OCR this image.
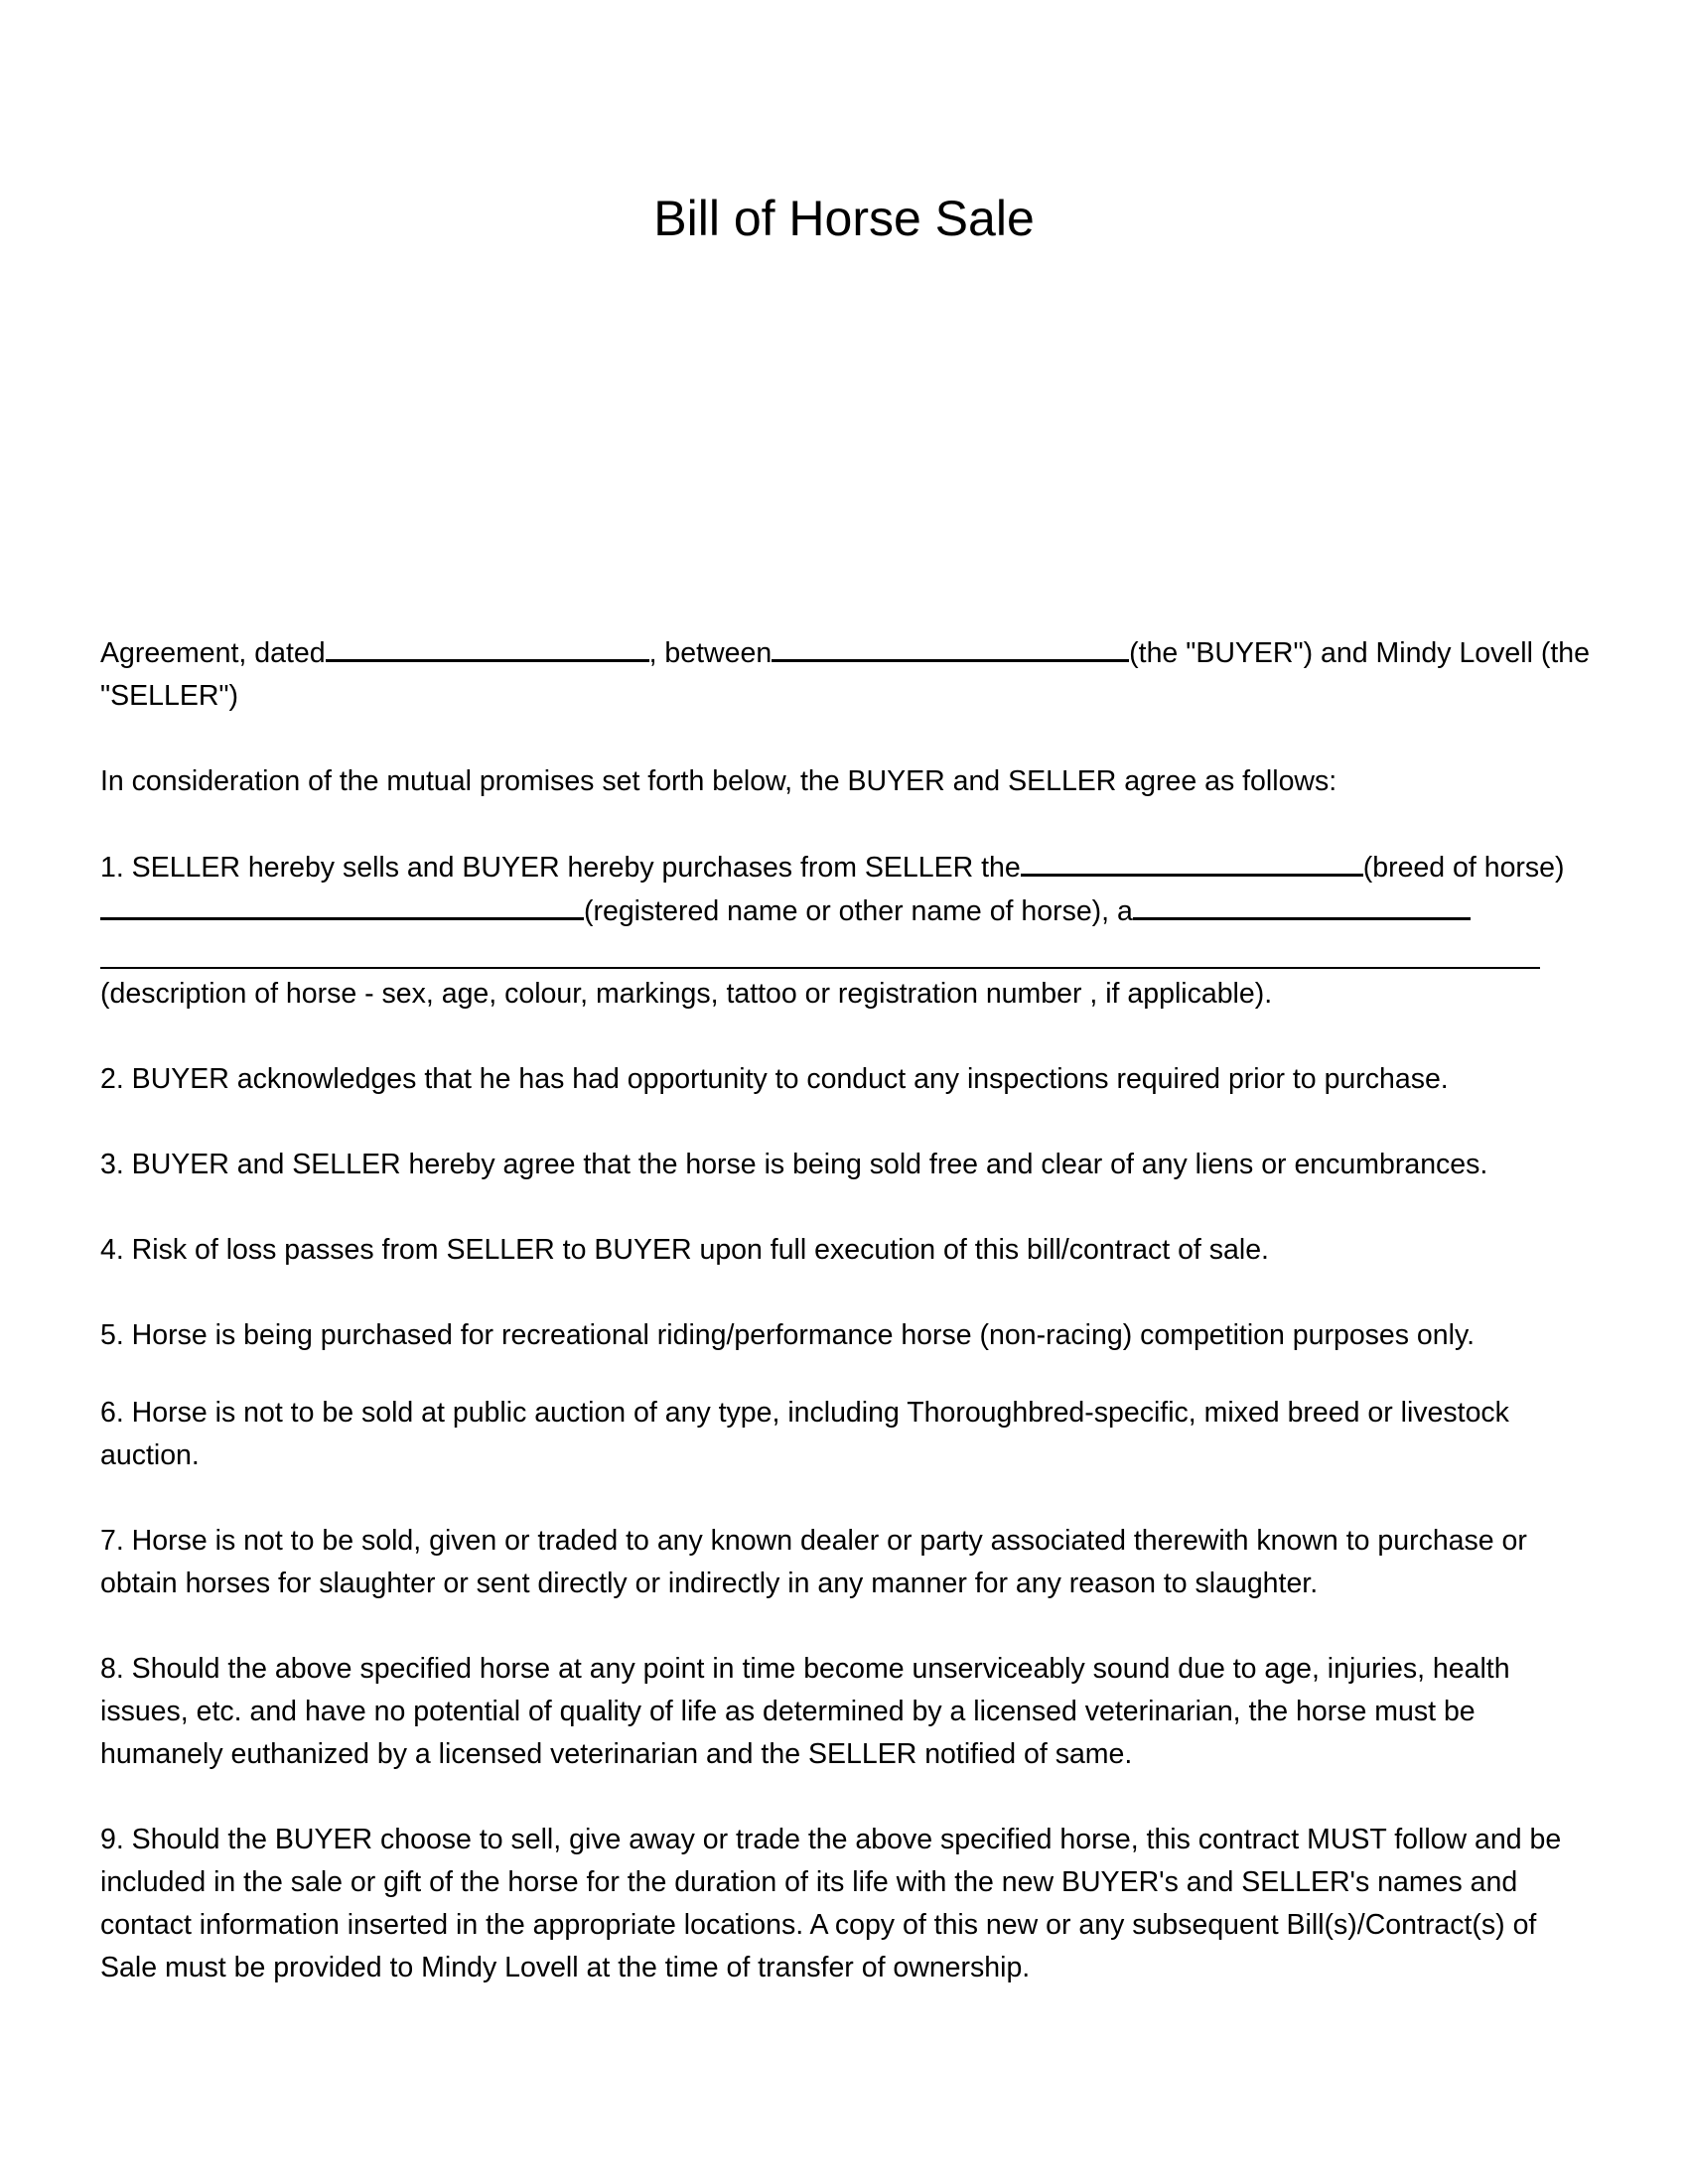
Bill of Horse Sale

Agreement, dated	, between	(the "BUYER") and Mindy Lovell (the "SELLER")

In consideration of the mutual promises set forth below, the BUYER and SELLER agree as follows:

1. SELLER hereby sells and BUYER hereby purchases from SELLER the	(breed of horse)(registered name or other name of horse), a
(description of horse - sex, age, colour, markings, tattoo or registration number , if applicable).

2. BUYER acknowledges that he has had opportunity to conduct any inspections required prior to purchase.

3. BUYER and SELLER hereby agree that the horse is being sold free and clear of any liens or encumbrances.

4. Risk of loss passes from SELLER to BUYER upon full execution of this bill/contract of sale.

5. Horse is being purchased for recreational riding/performance horse (non-racing) competition purposes only.

6. Horse is not to be sold at public auction of any type, including Thoroughbred-specific, mixed breed or livestock auction.

7. Horse is not to be sold, given or traded to any known dealer or party associated therewith known to purchase or obtain horses for slaughter or sent directly or indirectly in any manner for any reason to slaughter.

8. Should the above specified horse at any point in time become unserviceably sound due to age, injuries, health issues, etc. and have no potential of quality of life as determined by a licensed veterinarian, the horse must be humanely euthanized by a licensed veterinarian and the SELLER notified of same.

9. Should the BUYER choose to sell, give away or trade the above specified horse, this contract MUST follow and be included in the sale or gift of the horse for the duration of its life with the new BUYER's and SELLER's names and contact information inserted in the appropriate locations. A copy of this new or any subsequent Bill(s)/Contract(s) of Sale must be provided to Mindy Lovell at the time of transfer of ownership.
